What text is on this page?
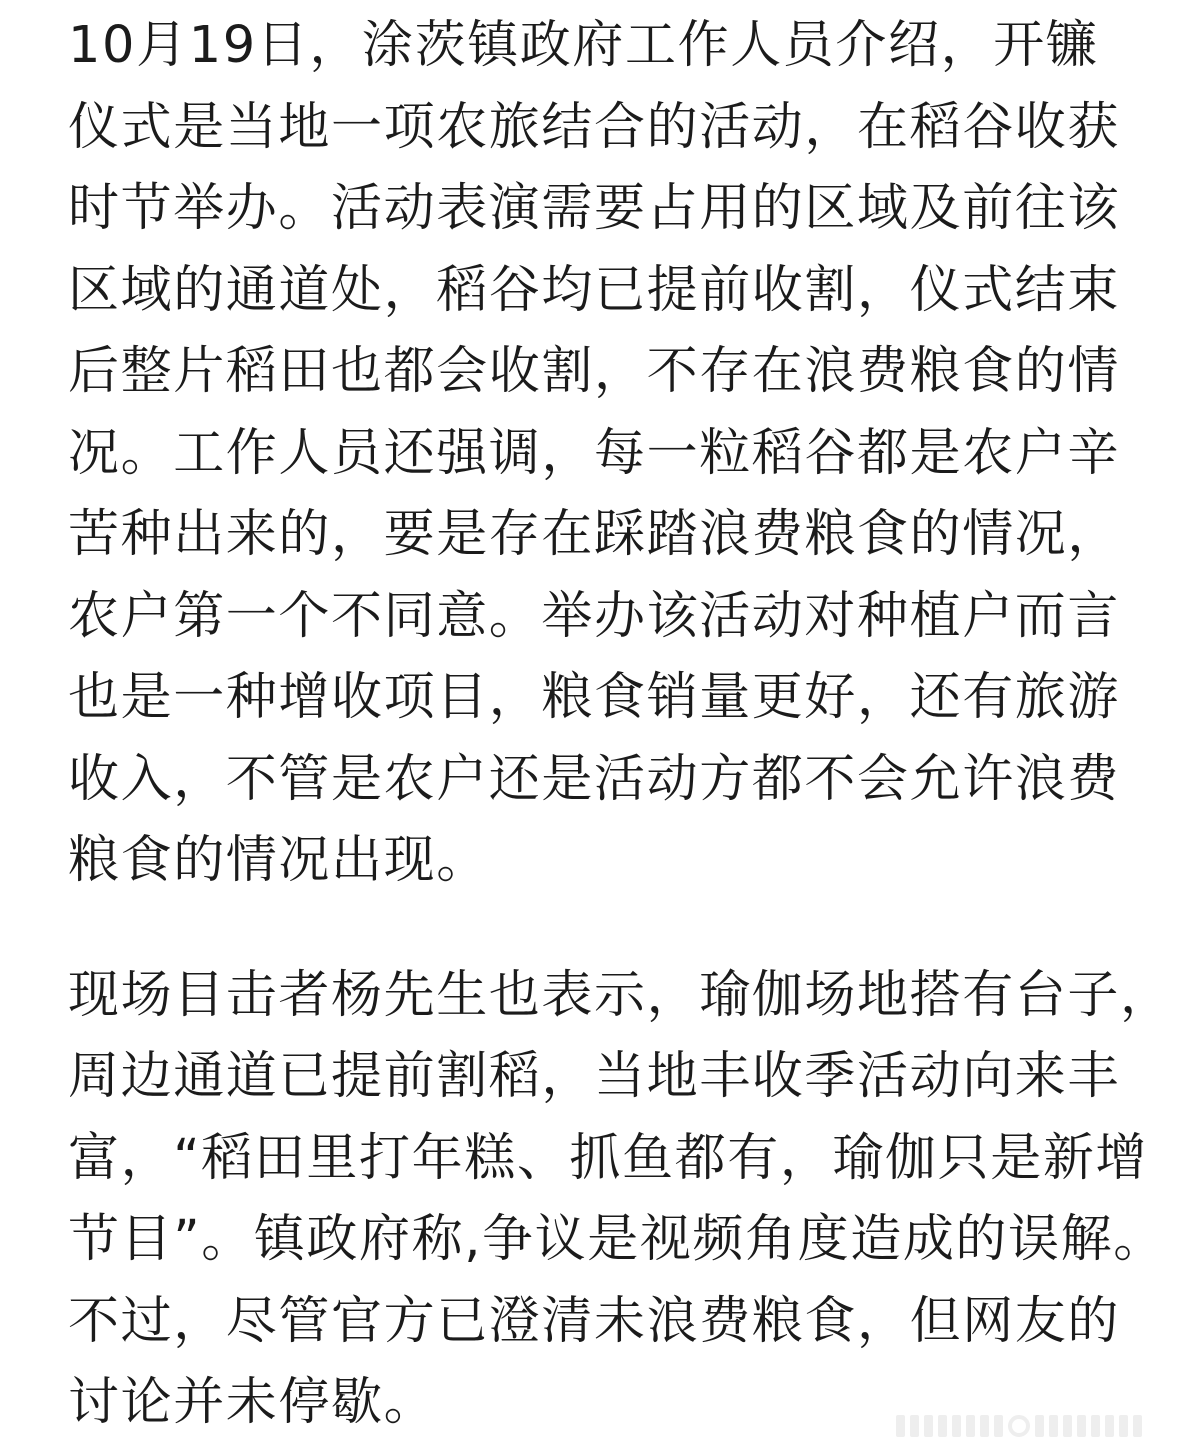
10月19日，涂茨镇政府工作人员介绍，开镰
仪式是当地一项农旅结合的活动，在稻谷收获
时节举办。活动表演需要占用的区域及前往该
区域的通道处，稻谷均已提前收割，仪式结束
后整片稻田也都会收割，不存在浪费粮食的情
况。工作人员还强调，每一粒稻谷都是农户辛
苦种出来的，要是存在踩踏浪费粮食的情况，
农户第一个不同意。举办该活动对种植户而言
也是一种增收项目，粮食销量更好，还有旅游
收入，不管是农户还是活动方都不会允许浪费
粮食的情况出现。

现场目击者杨先生也表示，瑜伽场地搭有台子，
周边通道已提前割稻，当地丰收季活动向来丰
富，“稻田里打年糕、抓鱼都有，瑜伽只是新增
节目”。镇政府称,争议是视频角度造成的误解。
不过，尽管官方已澄清未浪费粮食，但网友的
讨论并未停歇。
